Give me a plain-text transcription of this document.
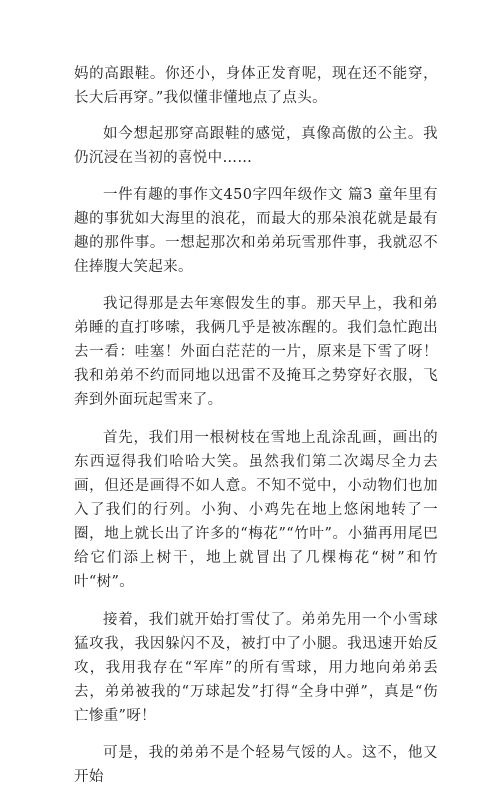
妈的高跟鞋。你还小，身体正发育呢，现在还不能穿，长大后再穿。”我似懂非懂地点了点头。

如今想起那穿高跟鞋的感觉，真像高傲的公主。我仍沉浸在当初的喜悦中……

一件有趣的事作文450字四年级作文 篇3 童年里有趣的事犹如大海里的浪花，而最大的那朵浪花就是最有趣的那件事。一想起那次和弟弟玩雪那件事，我就忍不住捧腹大笑起来。

我记得那是去年寒假发生的事。那天早上，我和弟弟睡的直打哆嗦，我俩几乎是被冻醒的。我们急忙跑出去一看：哇塞！外面白茫茫的一片，原来是下雪了呀！我和弟弟不约而同地以迅雷不及掩耳之势穿好衣服，飞奔到外面玩起雪来了。

首先，我们用一根树枝在雪地上乱涂乱画，画出的东西逗得我们哈哈大笑。虽然我们第二次竭尽全力去画，但还是画得不如人意。不知不觉中，小动物们也加入了我们的行列。小狗、小鸡先在地上悠闲地转了一圈，地上就长出了许多的“梅花”“竹叶”。小猫再用尾巴给它们添上树干，地上就冒出了几棵梅花“树”和竹叶“树”。

接着，我们就开始打雪仗了。弟弟先用一个小雪球猛攻我，我因躲闪不及，被打中了小腿。我迅速开始反攻，我用我存在“军库”的所有雪球，用力地向弟弟丢去，弟弟被我的“万球起发”打得“全身中弹”，真是“伤亡惨重”呀！

可是，我的弟弟不是个轻易气馁的人。这不，他又开始
